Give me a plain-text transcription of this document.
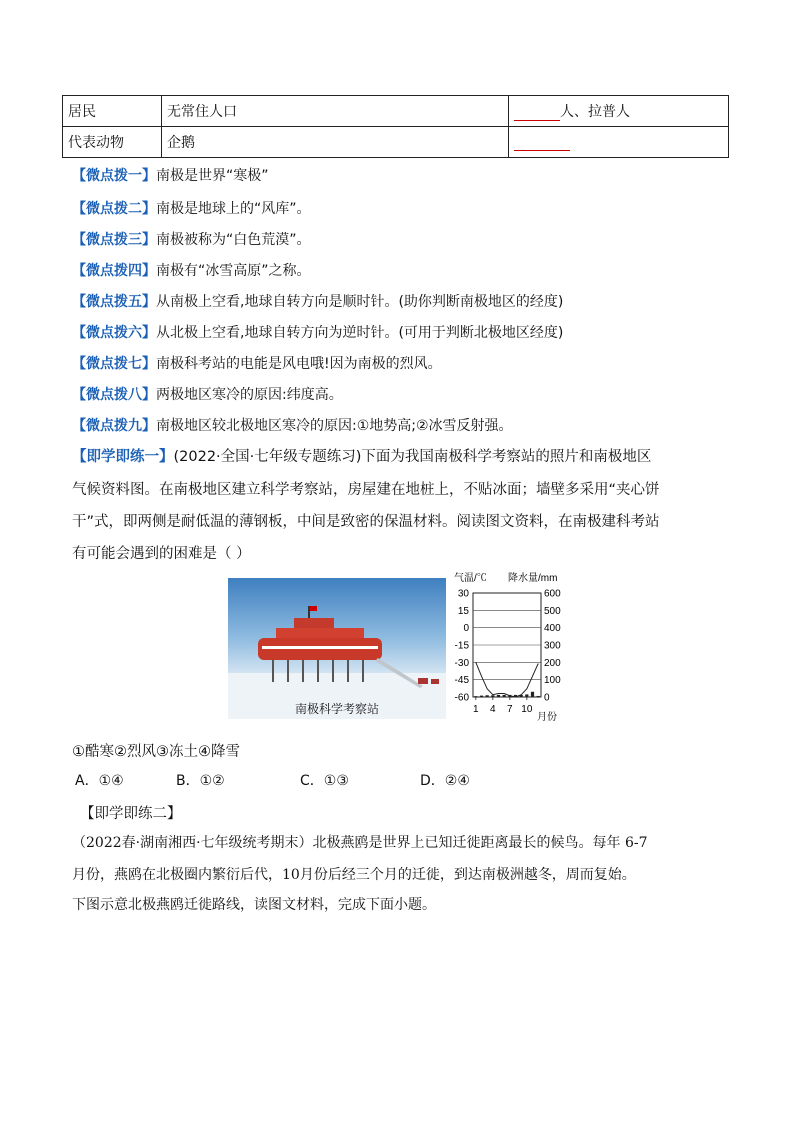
居民	无常住人口	人、拉普人
代表动物	企鹅	
【微点拨一】南极是世界“寒极”
【微点拨二】南极是地球上的“风库”。
【微点拨三】南极被称为“白色荒漠”。
【微点拨四】南极有“冰雪高原”之称。
【微点拨五】从南极上空看,地球自转方向是顺时针。(助你判断南极地区的经度)
【微点拨六】从北极上空看,地球自转方向为逆时针。(可用于判断北极地区经度)
【微点拨七】南极科考站的电能是风电哦!因为南极的烈风。
【微点拨八】两极地区寒冷的原因:纬度高。
【微点拨九】南极地区较北极地区寒冷的原因:①地势高;②冰雪反射强。
【即学即练一】(2022·全国·七年级专题练习)下面为我国南极科学考察站的照片和南极地区
气候资料图。在南极地区建立科学考察站，房屋建在地桩上，不贴冰面；墙壁多采用“夹心饼
干”式，即两侧是耐低温的薄钢板，中间是致密的保温材料。阅读图文资料，在南极建科考站
有可能会遇到的困难是（ ）
南极科学考察站
气温/℃ 降水量/mm
30
15
0
-15
-30
-45
-60
600
500
400
300
200
100
0
1 4 7 10
月份
①酷寒②烈风③冻土④降雪
A．①④	B．①②	C．①③	D．②④
【即学即练二】
（2022春·湖南湘西·七年级统考期末）北极燕鸥是世界上已知迁徙距离最长的候鸟。每年 6-7
月份，燕鸥在北极圈内繁衍后代，10月份后经三个月的迁徙，到达南极洲越冬，周而复始。
下图示意北极燕鸥迁徙路线，读图文材料，完成下面小题。
